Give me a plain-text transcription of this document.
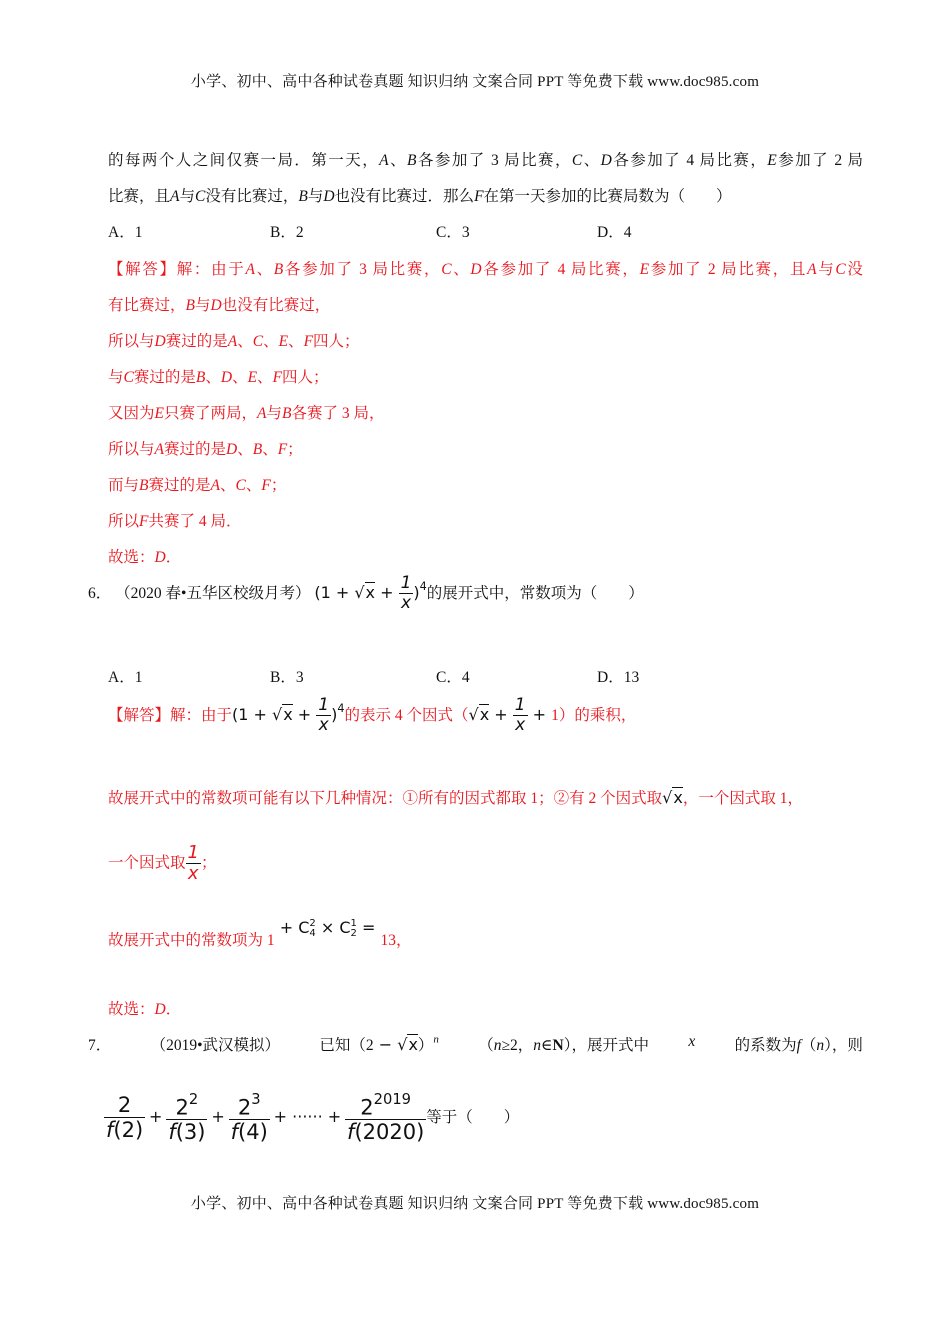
小学、初中、高中各种试卷真题 知识归纳 文案合同 PPT 等免费下载 www.doc985.com
的每两个人之间仅赛一局．第一天，A、B各参加了 3 局比赛，C、D各参加了 4 局比赛，E参加了 2 局
比赛，且A与C没有比赛过，B与D也没有比赛过．那么F在第一天参加的比赛局数为（　　）
A．1	B．2	C．3	D．4
【解答】解：由于A、B各参加了 3 局比赛，C、D各参加了 4 局比赛，E参加了 2 局比赛，且A与C没
有比赛过，B与D也没有比赛过，
所以与D赛过的是A、C、E、F四人；
与C赛过的是B、D、E、F四人；
又因为E只赛了两局，A与B各赛了 3 局，
所以与A赛过的是D、B、F；
而与B赛过的是A、C、F；
所以F共赛了 4 局．
故选：D．
6． （2020 春•五华区校级月考） $(1 + √x + \frac{1}{x} )^4$的展开式中，常数项为（　　）
A．1	B．3	C．4	D．13
【解答】解：由于$(1 + √x + \frac{1}{x} )^4$的表示 4 个因式$(√x + \frac{1}{x} + 1)$的乘积，
故展开式中的常数项可能有以下几种情况：①所有的因式都取 1；②有 2 个因式取√x，一个因式取 1，
一个因式取 $\frac{1}{x}$ ；
故展开式中的常数项为 1 + C 2
4 × C 1
2 = 13，
故选：D．
7．	（2019•武汉模拟）	已知$(2 - √x)^n$	（n≥2，n∈N），展开式中	x	的系数为f（n），则
$\frac{2}{f(2)} + \frac{2^2}{f(3)} + \frac{2^3}{f(4)}$ + ······ + $\frac{2^{2019}}{f(2020)}$ 等于（　　）
小学、初中、高中各种试卷真题 知识归纳 文案合同 PPT 等免费下载 www.doc985.com
